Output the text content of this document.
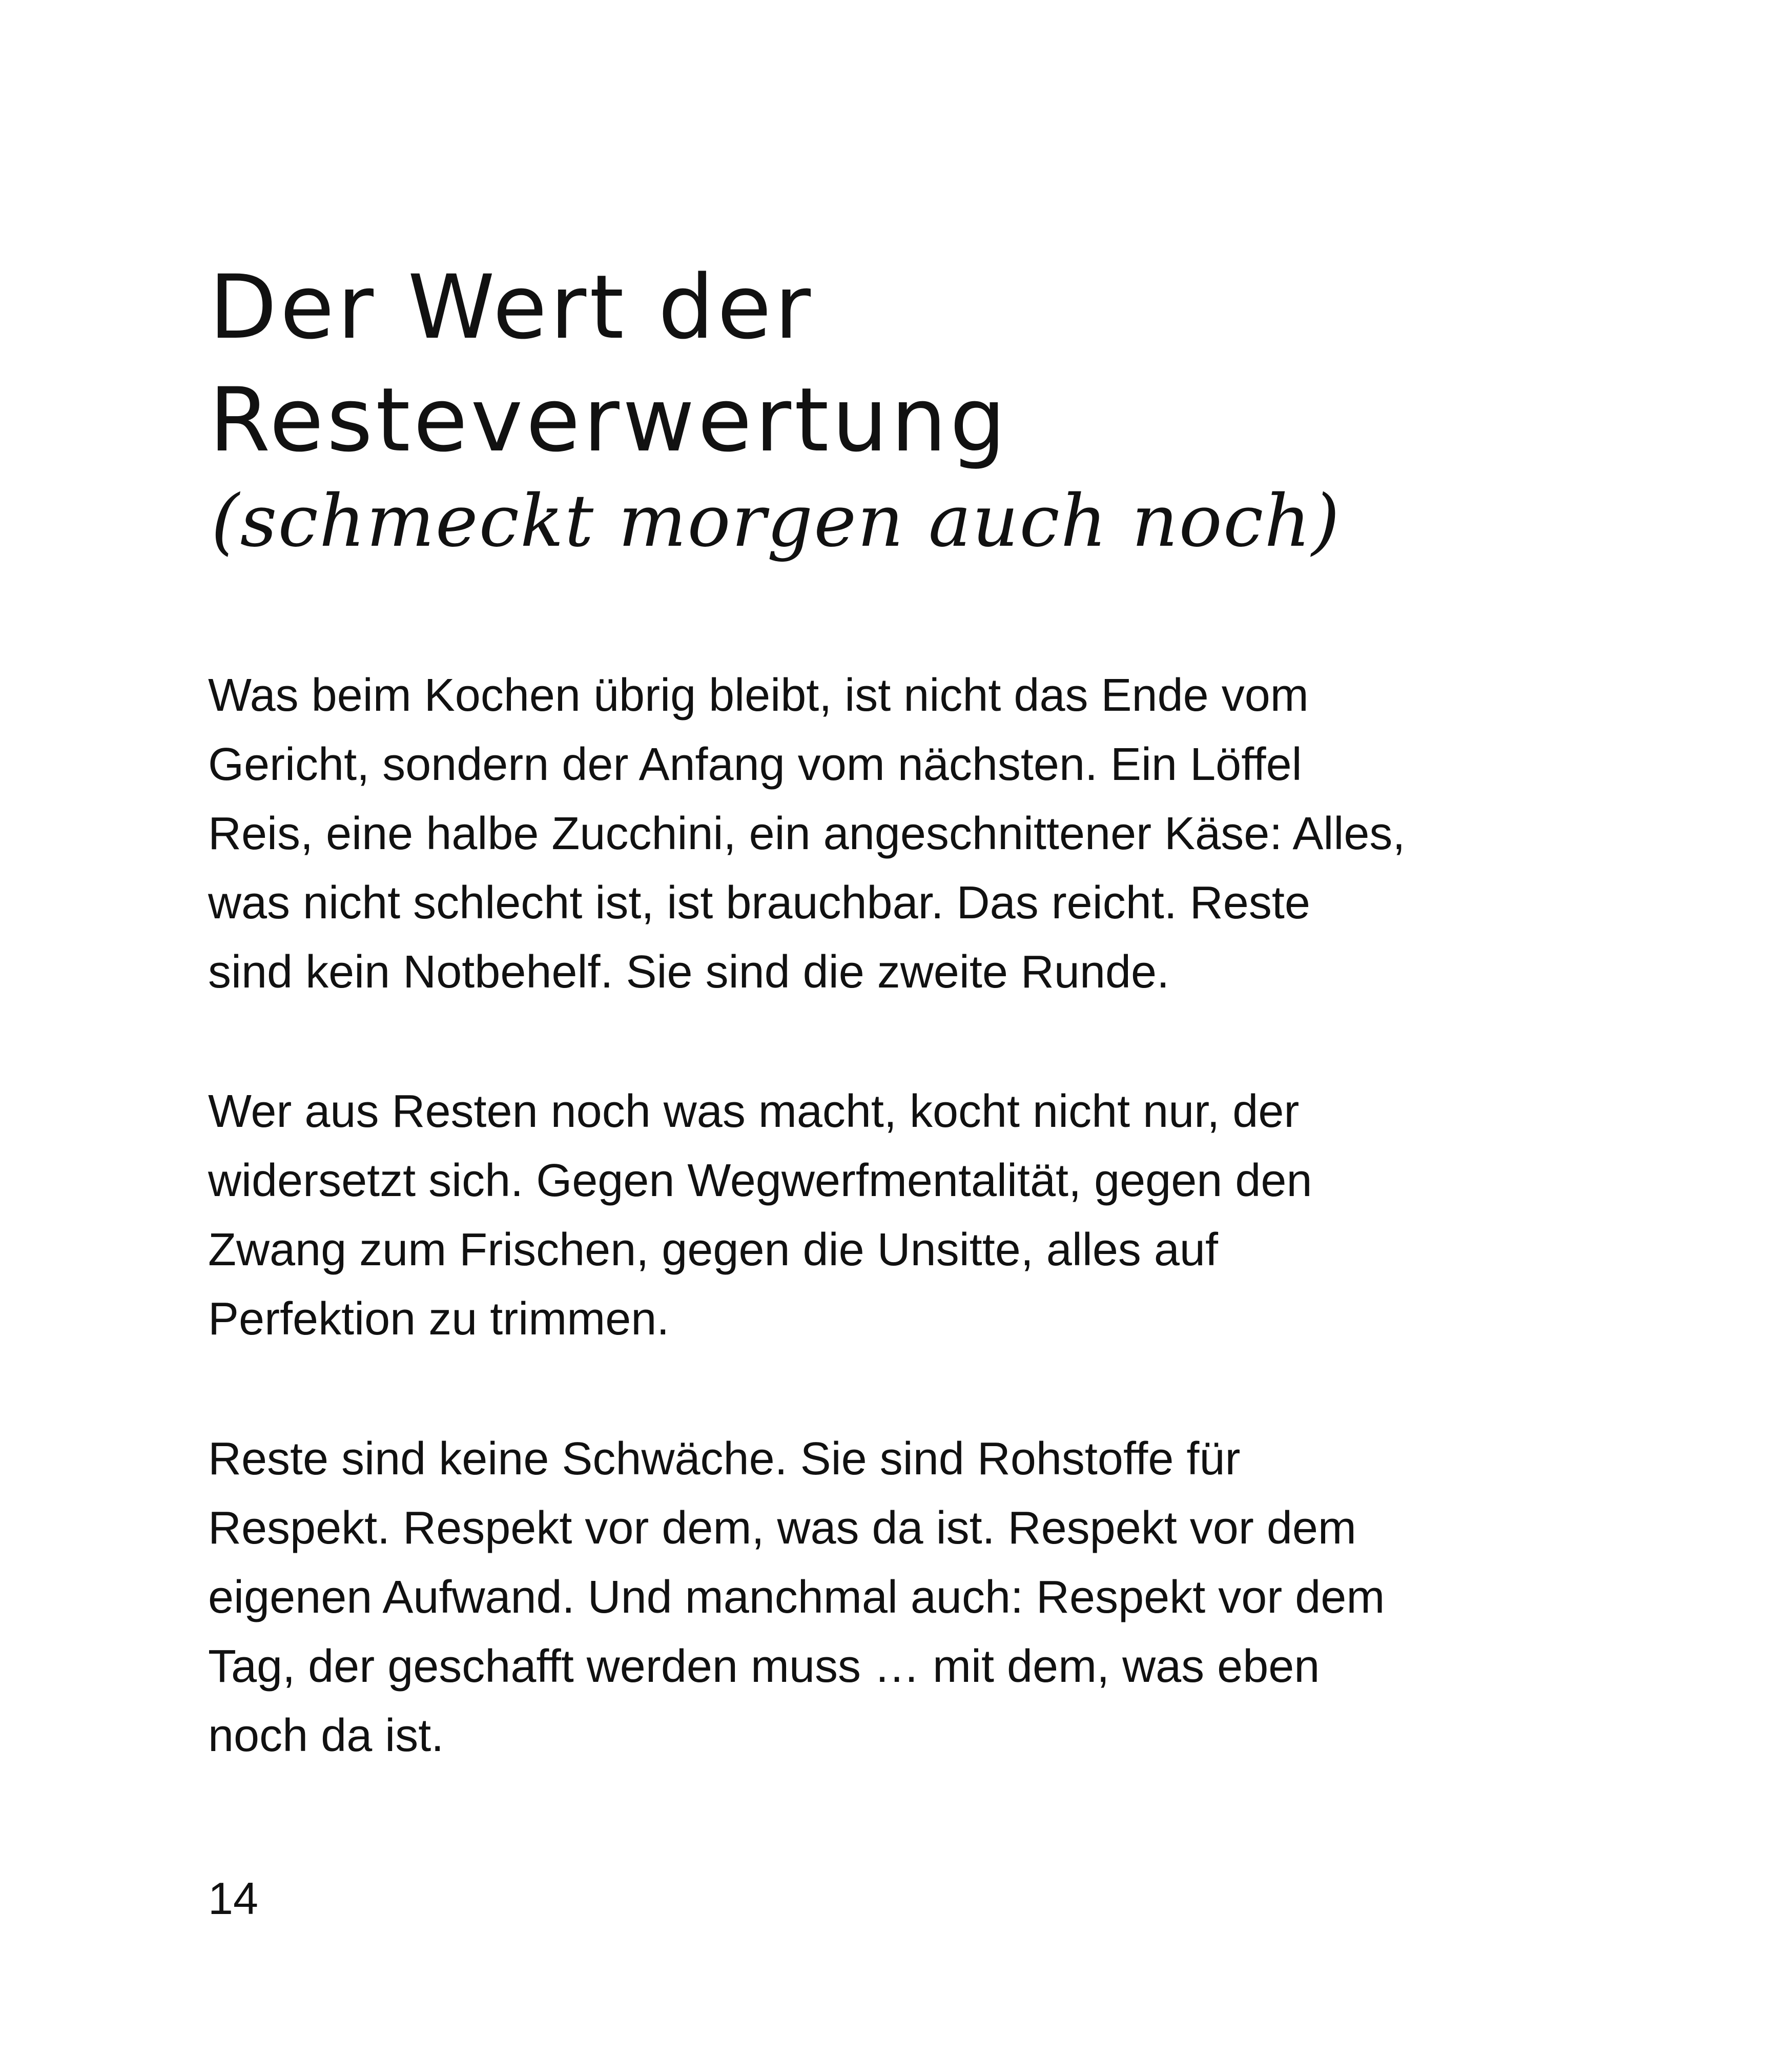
Der Wert der
Resteverwertung

(schmeckt morgen auch noch)

Was beim Kochen übrig bleibt, ist nicht das Ende vom
Gericht, sondern der Anfang vom nächsten. Ein Löffel
Reis, eine halbe Zucchini, ein angeschnittener Käse: Alles,
was nicht schlecht ist, ist brauchbar. Das reicht. Reste
sind kein Notbehelf. Sie sind die zweite Runde.
Wer aus Resten noch was macht, kocht nicht nur, der
widersetzt sich. Gegen Wegwerfmentalität, gegen den
Zwang zum Frischen, gegen die Unsitte, alles auf
Perfektion zu trimmen.
Reste sind keine Schwäche. Sie sind Rohstoffe für
Respekt. Respekt vor dem, was da ist. Respekt vor dem
eigenen Aufwand. Und manchmal auch: Respekt vor dem
Tag, der geschafft werden muss … mit dem, was eben
noch da ist.
14
